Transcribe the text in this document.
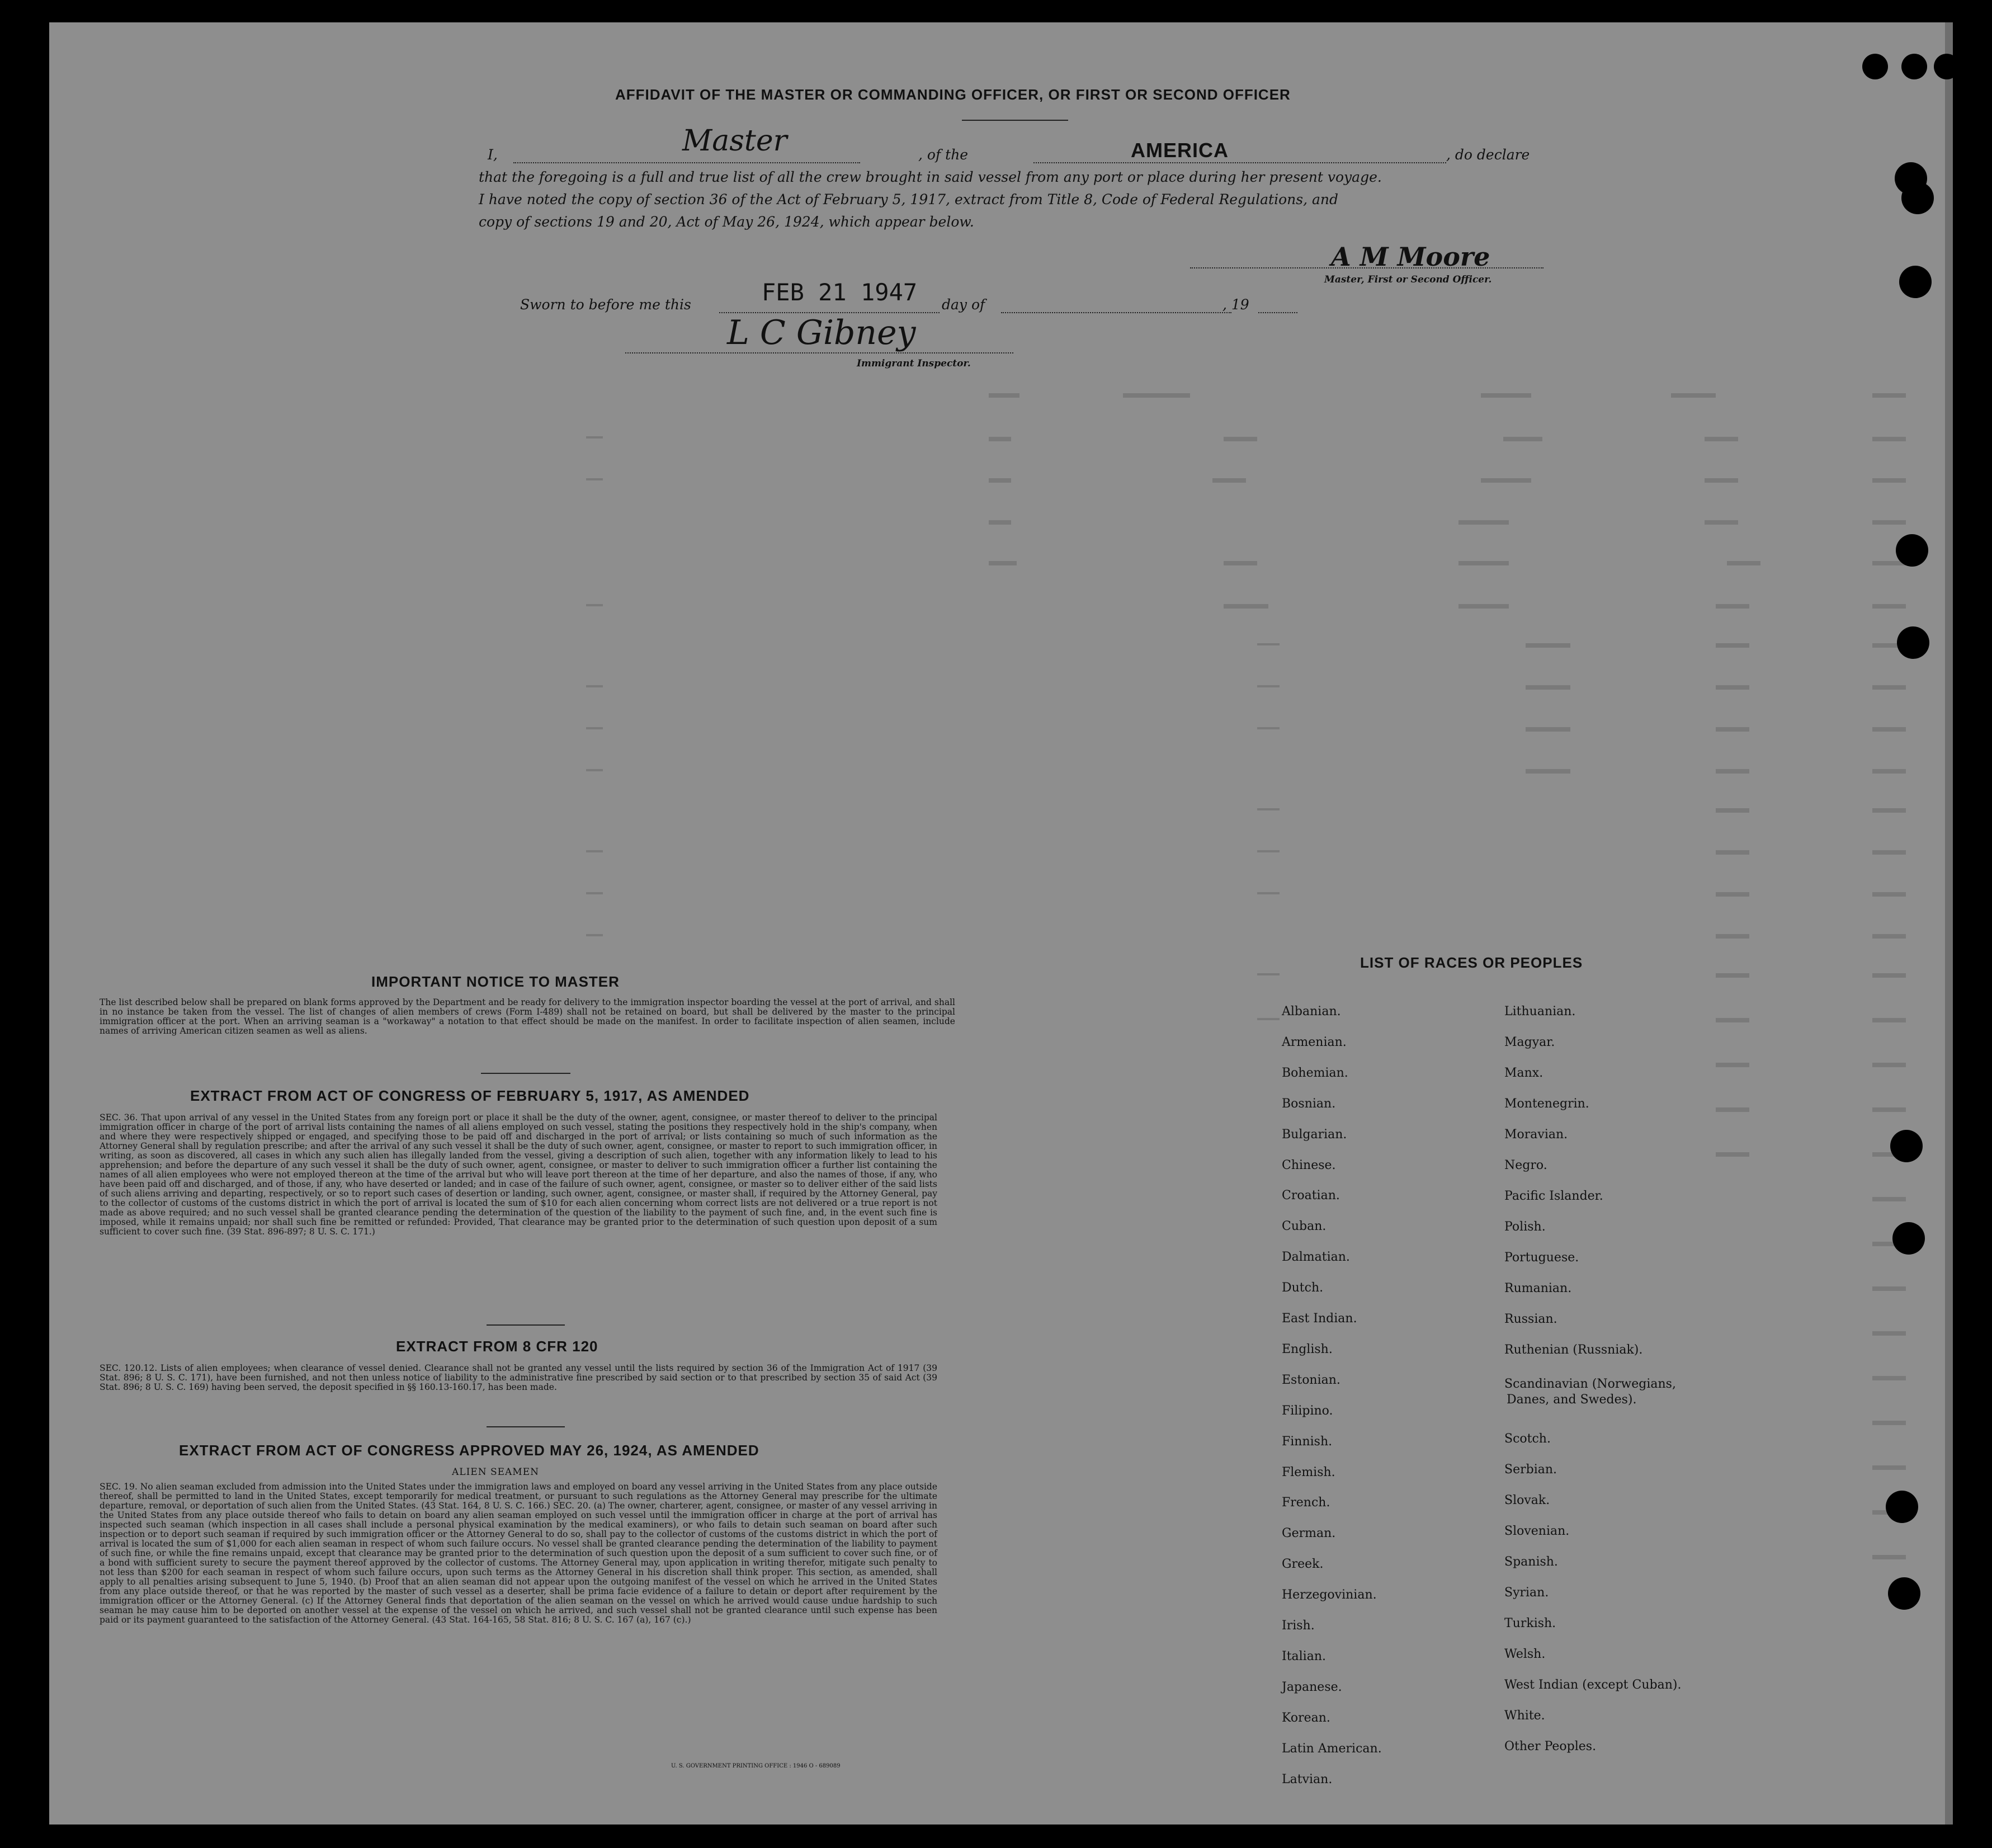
AFFIDAVIT OF THE MASTER OR COMMANDING OFFICER, OR FIRST OR SECOND OFFICER
I,	Master	, of the	AMERICA	, do declare
that the foregoing is a full and true list of all the crew brought in said vessel from any port or place during her present voyage.
I have noted the copy of section 36 of the Act of February 5, 1917, extract from Title 8, Code of Federal Regulations, and
copy of sections 19 and 20, Act of May 26, 1924, which appear below.
A M Moore
Master, First or Second Officer.
Sworn to before me this	FEB 21 1947 day of	, 19
L C Gibney
Immigrant Inspector.
IMPORTANT NOTICE TO MASTER
The list described below shall be prepared on blank forms approved by the Department and be ready for delivery to the immigration inspector boarding the vessel at the port of arrival, and shall in no instance be taken from the vessel. The list of changes of alien members of crews (Form I-489) shall not be retained on board, but shall be delivered by the master to the principal immigration officer at the port. When an arriving seaman is a "workaway" a notation to that effect should be made on the manifest. In order to facilitate inspection of alien seamen, include names of arriving American citizen seamen as well as aliens.
EXTRACT FROM ACT OF CONGRESS OF FEBRUARY 5, 1917, AS AMENDED
SEC. 36. That upon arrival of any vessel in the United States from any foreign port or place it shall be the duty of the owner, agent, consignee, or master thereof to deliver to the principal immigration officer in charge of the port of arrival lists containing the names of all aliens employed on such vessel, stating the positions they respectively hold in the ship's company, when and where they were respectively shipped or engaged, and specifying those to be paid off and discharged in the port of arrival; or lists containing so much of such information as the Attorney General shall by regulation prescribe; and after the arrival of any such vessel it shall be the duty of such owner, agent, consignee, or master to report to such immigration officer, in writing, as soon as discovered, all cases in which any such alien has illegally landed from the vessel, giving a description of such alien, together with any information likely to lead to his apprehension; and before the departure of any such vessel it shall be the duty of such owner, agent, consignee, or master to deliver to such immigration officer a further list containing the names of all alien employees who were not employed thereon at the time of the arrival but who will leave port thereon at the time of her departure, and also the names of those, if any, who have been paid off and discharged, and of those, if any, who have deserted or landed; and in case of the failure of such owner, agent, consignee, or master so to deliver either of the said lists of such aliens arriving and departing, respectively, or so to report such cases of desertion or landing, such owner, agent, consignee, or master shall, if required by the Attorney General, pay to the collector of customs of the customs district in which the port of arrival is located the sum of $10 for each alien concerning whom correct lists are not delivered or a true report is not made as above required; and no such vessel shall be granted clearance pending the determination of the question of the liability to the payment of such fine, and, in the event such fine is imposed, while it remains unpaid; nor shall such fine be remitted or refunded: Provided, That clearance may be granted prior to the determination of such question upon deposit of a sum sufficient to cover such fine. (39 Stat. 896-897; 8 U. S. C. 171.)
EXTRACT FROM 8 CFR 120
SEC. 120.12. Lists of alien employees; when clearance of vessel denied. Clearance shall not be granted any vessel until the lists required by section 36 of the Immigration Act of 1917 (39 Stat. 896; 8 U. S. C. 171), have been furnished, and not then unless notice of liability to the administrative fine prescribed by said section or to that prescribed by section 35 of said Act (39 Stat. 896; 8 U. S. C. 169) having been served, the deposit specified in §§ 160.13-160.17, has been made.
EXTRACT FROM ACT OF CONGRESS APPROVED MAY 26, 1924, AS AMENDED
ALIEN SEAMEN
SEC. 19. No alien seaman excluded from admission into the United States under the immigration laws and employed on board any vessel arriving in the United States from any place outside thereof, shall be permitted to land in the United States, except temporarily for medical treatment, or pursuant to such regulations as the Attorney General may prescribe for the ultimate departure, removal, or deportation of such alien from the United States. (43 Stat. 164, 8 U. S. C. 166.) SEC. 20. (a) The owner, charterer, agent, consignee, or master of any vessel arriving in the United States from any place outside thereof who fails to detain on board any alien seaman employed on such vessel until the immigration officer in charge at the port of arrival has inspected such seaman (which inspection in all cases shall include a personal physical examination by the medical examiners), or who fails to detain such seaman on board after such inspection or to deport such seaman if required by such immigration officer or the Attorney General to do so, shall pay to the collector of customs of the customs district in which the port of arrival is located the sum of $1,000 for each alien seaman in respect of whom such failure occurs. No vessel shall be granted clearance pending the determination of the liability to payment of such fine, or while the fine remains unpaid, except that clearance may be granted prior to the determination of such question upon the deposit of a sum sufficient to cover such fine, or of a bond with sufficient surety to secure the payment thereof approved by the collector of customs. The Attorney General may, upon application in writing therefor, mitigate such penalty to not less than $200 for each seaman in respect of whom such failure occurs, upon such terms as the Attorney General in his discretion shall think proper. This section, as amended, shall apply to all penalties arising subsequent to June 5, 1940. (b) Proof that an alien seaman did not appear upon the outgoing manifest of the vessel on which he arrived in the United States from any place outside thereof, or that he was reported by the master of such vessel as a deserter, shall be prima facie evidence of a failure to detain or deport after requirement by the immigration officer or the Attorney General. (c) If the Attorney General finds that deportation of the alien seaman on the vessel on which he arrived would cause undue hardship to such seaman he may cause him to be deported on another vessel at the expense of the vessel on which he arrived, and such vessel shall not be granted clearance until such expense has been paid or its payment guaranteed to the satisfaction of the Attorney General. (43 Stat. 164-165, 58 Stat. 816; 8 U. S. C. 167 (a), 167 (c).)
U. S. GOVERNMENT PRINTING OFFICE : 1946 O - 689089
LIST OF RACES OR PEOPLES
Albanian.
Armenian.
Bohemian.
Bosnian.
Bulgarian.
Chinese.
Croatian.
Cuban.
Dalmatian.
Dutch.
East Indian.
English.
Estonian.
Filipino.
Finnish.
Flemish.
French.
German.
Greek.
Herzegovinian.
Irish.
Italian.
Japanese.
Korean.
Latin American.
Latvian.
Lithuanian.
Magyar.
Manx.
Montenegrin.
Moravian.
Negro.
Pacific Islander.
Polish.
Portuguese.
Rumanian.
Russian.
Ruthenian (Russniak).
Scandinavian (Norwegians,
Danes, and Swedes).
Scotch.
Serbian.
Slovak.
Slovenian.
Spanish.
Syrian.
Turkish.
Welsh.
West Indian (except Cuban).
White.
Other Peoples.
